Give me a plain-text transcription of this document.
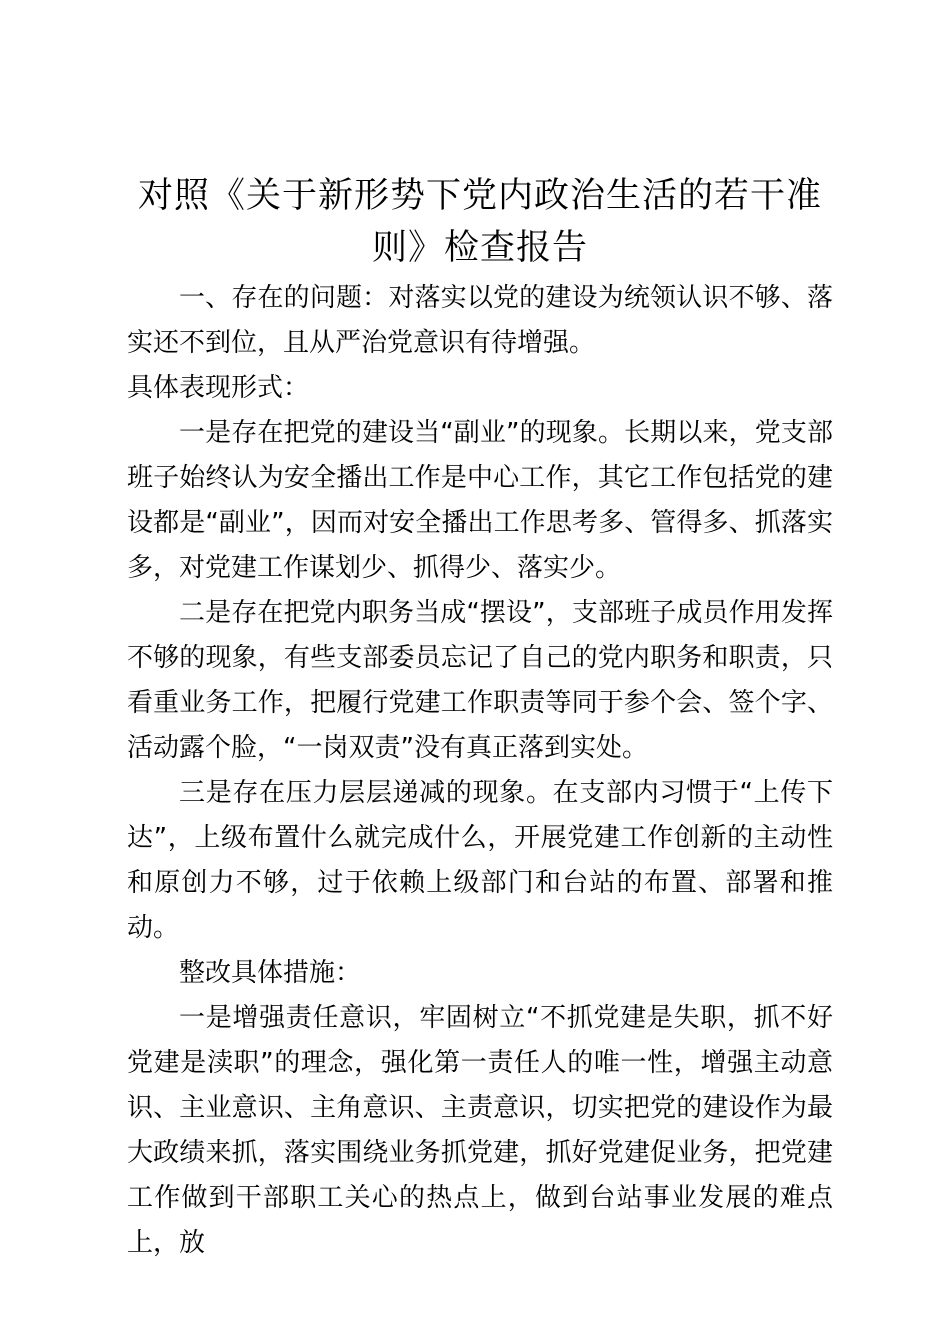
对照《关于新形势下党内政治生活的若干准则》检查报告

一、存在的问题：对落实以党的建设为统领认识不够、落实还不到位，且从严治党意识有待增强。

具体表现形式：

一是存在把党的建设当“副业”的现象。长期以来，党支部班子始终认为安全播出工作是中心工作，其它工作包括党的建设都是“副业”，因而对安全播出工作思考多、管得多、抓落实多，对党建工作谋划少、抓得少、落实少。

二是存在把党内职务当成“摆设”，支部班子成员作用发挥不够的现象，有些支部委员忘记了自己的党内职务和职责，只看重业务工作，把履行党建工作职责等同于参个会、签个字、活动露个脸，“一岗双责”没有真正落到实处。

三是存在压力层层递减的现象。在支部内习惯于“上传下达”，上级布置什么就完成什么，开展党建工作创新的主动性和原创力不够，过于依赖上级部门和台站的布置、部署和推动。

整改具体措施：

一是增强责任意识，牢固树立“不抓党建是失职，抓不好党建是渎职”的理念，强化第一责任人的唯一性，增强主动意识、主业意识、主角意识、主责意识，切实把党的建设作为最大政绩来抓，落实围绕业务抓党建，抓好党建促业务，把党建工作做到干部职工关心的热点上，做到台站事业发展的难点上，放
